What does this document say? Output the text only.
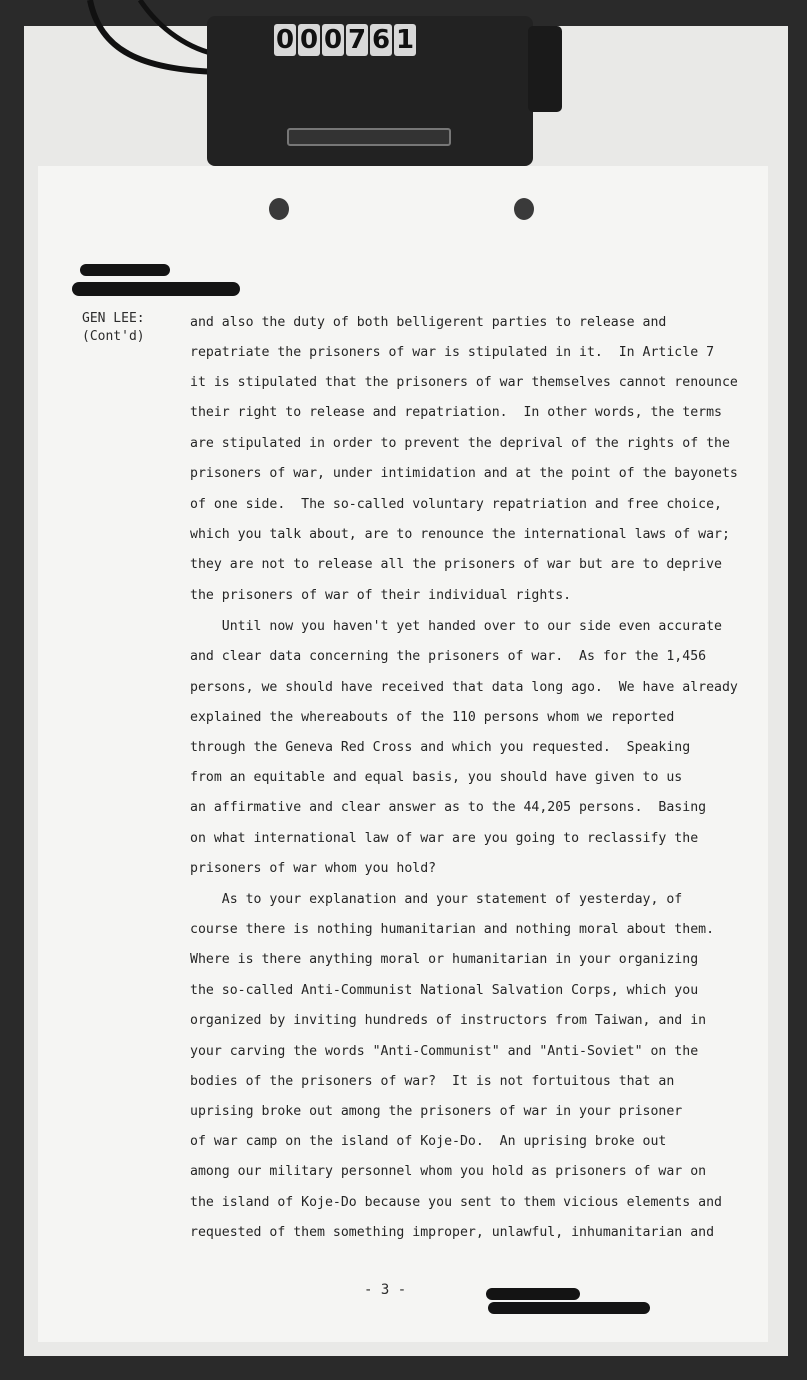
0 0 0 7 6 1
GEN LEE:
(Cont'd)
and also the duty of both belligerent parties to release and
repatriate the prisoners of war is stipulated in it.  In Article 7
it is stipulated that the prisoners of war themselves cannot renounce
their right to release and repatriation.  In other words, the terms
are stipulated in order to prevent the deprival of the rights of the
prisoners of war, under intimidation and at the point of the bayonets
of one side.  The so-called voluntary repatriation and free choice,
which you talk about, are to renounce the international laws of war;
they are not to release all the prisoners of war but are to deprive
the prisoners of war of their individual rights.
Until now you haven't yet handed over to our side even accurate
and clear data concerning the prisoners of war.  As for the 1,456
persons, we should have received that data long ago.  We have already
explained the whereabouts of the 110 persons whom we reported
through the Geneva Red Cross and which you requested.  Speaking
from an equitable and equal basis, you should have given to us
an affirmative and clear answer as to the 44,205 persons.  Basing
on what international law of war are you going to reclassify the
prisoners of war whom you hold?
As to your explanation and your statement of yesterday, of
course there is nothing humanitarian and nothing moral about them.
Where is there anything moral or humanitarian in your organizing
the so-called Anti-Communist National Salvation Corps, which you
organized by inviting hundreds of instructors from Taiwan, and in
your carving the words "Anti-Communist" and "Anti-Soviet" on the
bodies of the prisoners of war?  It is not fortuitous that an
uprising broke out among the prisoners of war in your prisoner
of war camp on the island of Koje-Do.  An uprising broke out
among our military personnel whom you hold as prisoners of war on
the island of Koje-Do because you sent to them vicious elements and
requested of them something improper, unlawful, inhumanitarian and
- 3 -
